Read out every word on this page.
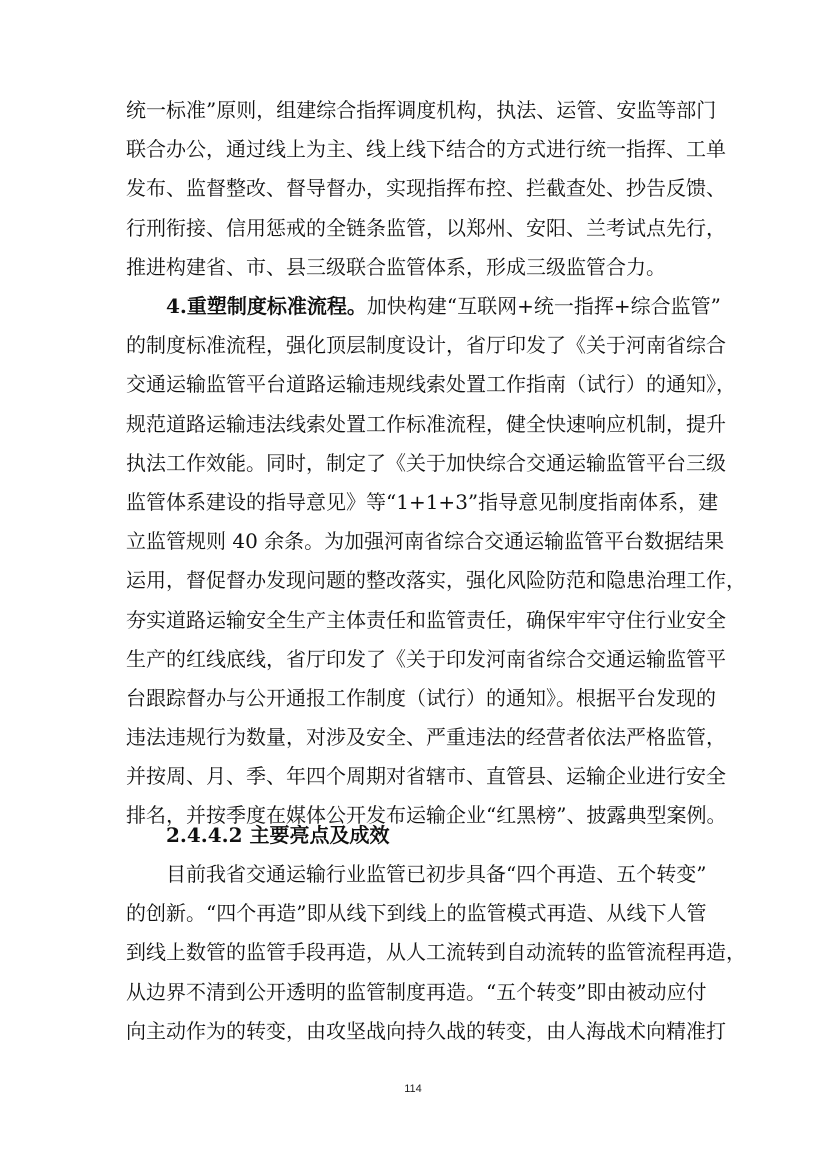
统一标准”原则，组建综合指挥调度机构，执法、运管、安监等部门
联合办公，通过线上为主、线上线下结合的方式进行统一指挥、工单
发布、监督整改、督导督办，实现指挥布控、拦截查处、抄告反馈、
行刑衔接、信用惩戒的全链条监管，以郑州、安阳、兰考试点先行，
推进构建省、市、县三级联合监管体系，形成三级监管合力。
4.重塑制度标准流程。加快构建“互联网+统一指挥+综合监管”
的制度标准流程，强化顶层制度设计，省厅印发了《关于河南省综合
交通运输监管平台道路运输违规线索处置工作指南（试行）的通知》，
规范道路运输违法线索处置工作标准流程，健全快速响应机制，提升
执法工作效能。同时，制定了《关于加快综合交通运输监管平台三级
监管体系建设的指导意见》等“1+1+3”指导意见制度指南体系，建
立监管规则 40 余条。为加强河南省综合交通运输监管平台数据结果
运用，督促督办发现问题的整改落实，强化风险防范和隐患治理工作，
夯实道路运输安全生产主体责任和监管责任，确保牢牢守住行业安全
生产的红线底线，省厅印发了《关于印发河南省综合交通运输监管平
台跟踪督办与公开通报工作制度（试行）的通知》。根据平台发现的
违法违规行为数量，对涉及安全、严重违法的经营者依法严格监管，
并按周、月、季、年四个周期对省辖市、直管县、运输企业进行安全
排名，并按季度在媒体公开发布运输企业“红黑榜”、披露典型案例。
2.4.4.2 主要亮点及成效
目前我省交通运输行业监管已初步具备“四个再造、五个转变”
的创新。“四个再造”即从线下到线上的监管模式再造、从线下人管
到线上数管的监管手段再造，从人工流转到自动流转的监管流程再造，
从边界不清到公开透明的监管制度再造。“五个转变”即由被动应付
向主动作为的转变，由攻坚战向持久战的转变，由人海战术向精准打
114
